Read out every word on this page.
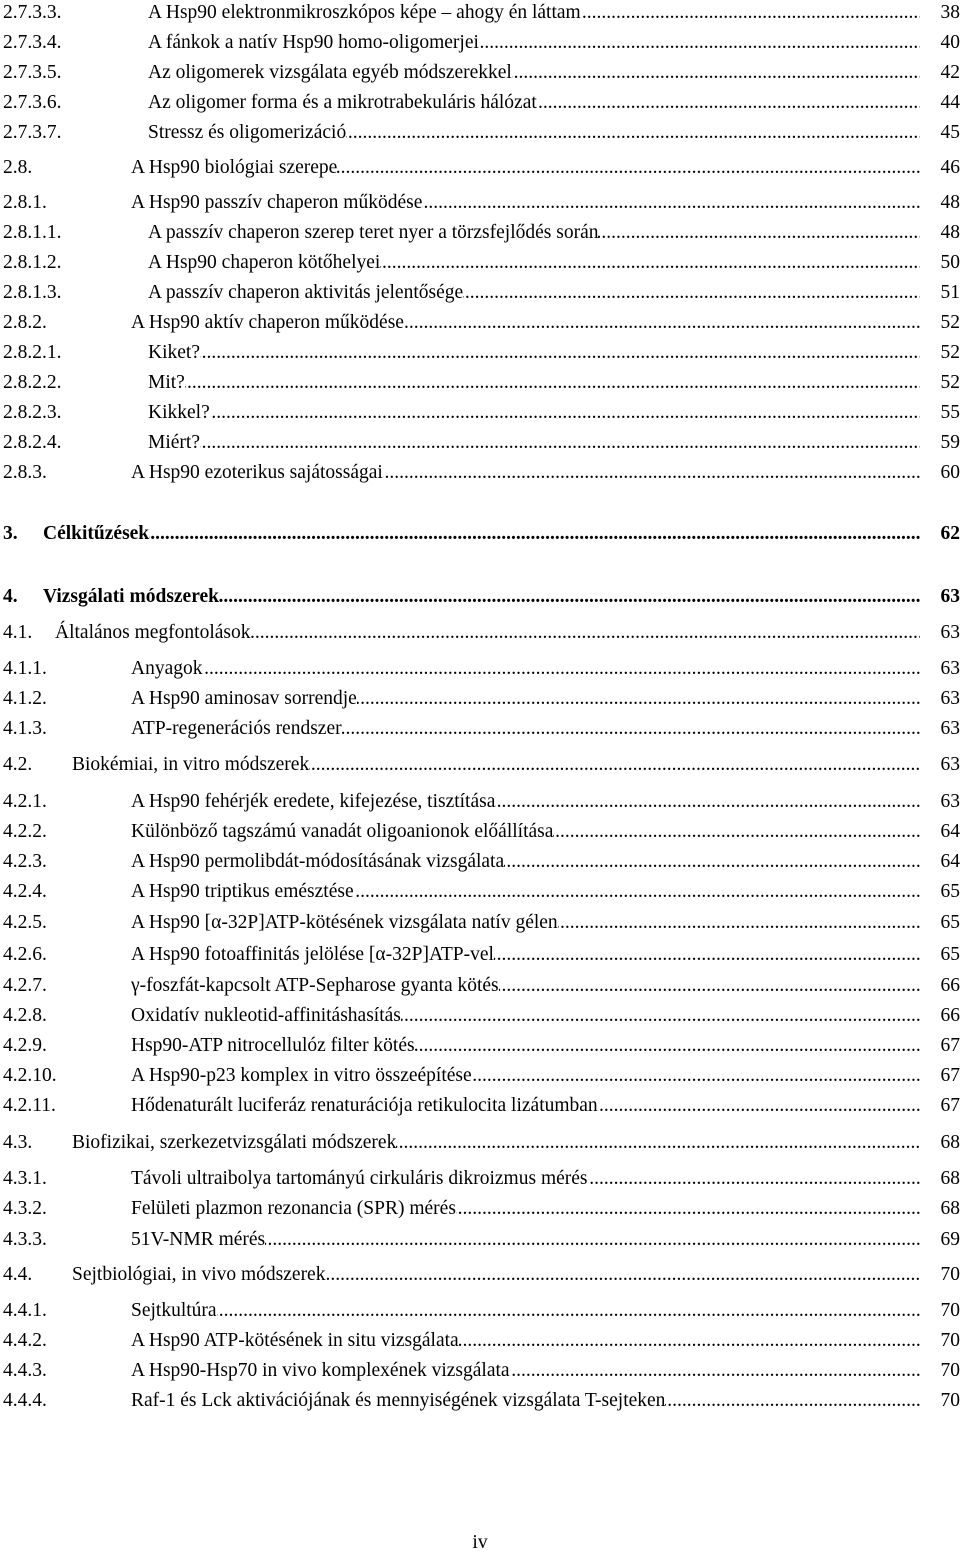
2.7.3.3. .....	A Hsp90 elektronmikroszkópos képe – ahogy én láttam	38
2.7.3.4. .....	A fánkok a natív Hsp90 homo-oligomerjei	40
2.7.3.5. .....	Az oligomerek vizsgálata egyéb módszerekkel	42
2.7.3.6. .....	Az oligomer forma és a mikrotrabekuláris hálózat	44
2.7.3.7. .....	Stressz és oligomerizáció	45
2.8. .....	A Hsp90 biológiai szerepe	46
2.8.1. .....	A Hsp90 passzív chaperon működése	48
2.8.1.1. .....	A passzív chaperon szerep teret nyer a törzsfejlődés során	48
2.8.1.2. .....	A Hsp90 chaperon kötőhelyei	50
2.8.1.3. .....	A passzív chaperon aktivitás jelentősége	51
2.8.2. .....	A Hsp90 aktív chaperon működése	52
2.8.2.1. .....	Kiket?	52
2.8.2.2. .....	Mit?	52
2.8.2.3. .....	Kikkel?	55
2.8.2.4. .....	Miért?	59
2.8.3. .....	A Hsp90 ezoterikus sajátosságai	60
3. ..... Célkitűzések	62
4. ..... Vizsgálati módszerek	63
4.1. ..... Általános megfontolások	63
4.1.1. .....	Anyagok	63
4.1.2. .....	A Hsp90 aminosav sorrendje	63
4.1.3. .....	ATP-regenerációs rendszer	63
4.2. ..... Biokémiai, in vitro módszerek	63
4.2.1. .....	A Hsp90 fehérjék eredete, kifejezése, tisztítása	63
4.2.2. .....	Különböző tagszámú vanadát oligoanionok előállítása	64
4.2.3. .....	A Hsp90 permolibdát-módosításának vizsgálata	64
4.2.4. .....	A Hsp90 triptikus emésztése	65
4.2.5. .....	A Hsp90 [α-32P]ATP-kötésének vizsgálata natív gélen	65
4.2.6. .....	A Hsp90 fotoaffinitás jelölése [α-32P]ATP-vel	65
4.2.7. .....	γ-foszfát-kapcsolt ATP-Sepharose gyanta kötés	66
4.2.8. .....	Oxidatív nukleotid-affinitáshasítás	66
4.2.9. .....	Hsp90-ATP nitrocellulóz filter kötés	67
4.2.10. .....	A Hsp90-p23 komplex in vitro összeépítése	67
4.2.11. .....	Hődenaturált luciferáz renaturációja retikulocita lizátumban	67
4.3. ..... Biofizikai, szerkezetvizsgálati módszerek	68
4.3.1. .....	Távoli ultraibolya tartományú cirkuláris dikroizmus mérés	68
4.3.2. .....	Felületi plazmon rezonancia (SPR) mérés	68
4.3.3. .....	51V-NMR mérés	69
4.4. ..... Sejtbiológiai, in vivo módszerek	70
4.4.1. .....	Sejtkultúra	70
4.4.2. .....	A Hsp90 ATP-kötésének in situ vizsgálata	70
4.4.3. .....	A Hsp90-Hsp70 in vivo komplexének vizsgálata	70
4.4.4. .....	Raf-1 és Lck aktivációjának és mennyiségének vizsgálata T-sejteken	70
iv
